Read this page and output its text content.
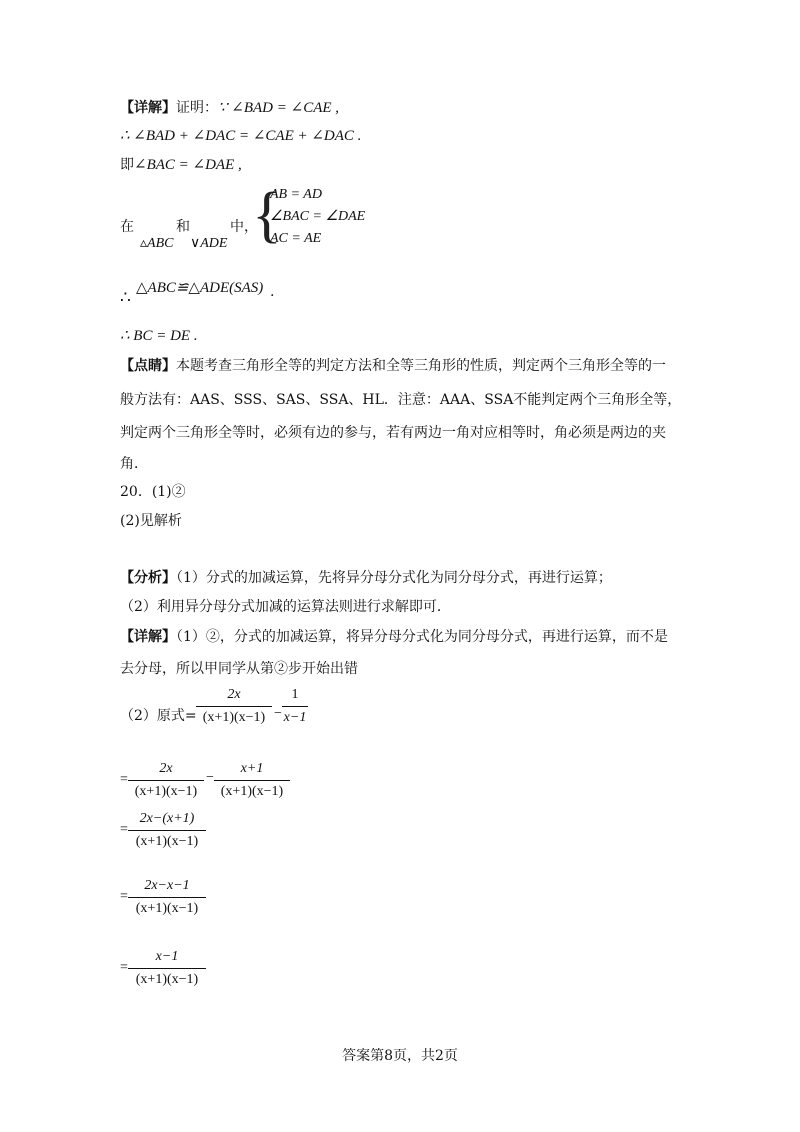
【详解】证明：∵ ∠BAD = ∠CAE ,
∴ ∠BAD + ∠DAC = ∠CAE + ∠DAC .
即∠BAC = ∠DAE ,
在	和	中，
▵ABC ∨ADE {
AB = AD
∠BAC = ∠DAE
AC = AE
∴ △ABC≌△ADE(SAS) .
∴ BC = DE .
【点睛】本题考查三角形全等的判定方法和全等三角形的性质，判定两个三角形全等的一
般方法有：AAS、SSS、SAS、SSA、HL．注意：AAA、SSA不能判定两个三角形全等，
判定两个三角形全等时，必须有边的参与，若有两边一角对应相等时，角必须是两边的夹
角．
20．(1)②
(2)见解析
【分析】（1）分式的加减运算，先将异分母分式化为同分母分式，再进行运算；
（2）利用异分母分式加减的运算法则进行求解即可．
【详解】（1）②，分式的加减运算，将异分母分式化为同分母分式，再进行运算，而不是
去分母，所以甲同学从第②步开始出错
（2）原式=
2x
(x+1)(x−1) −
1
x−1
=
2x
(x+1)(x−1)
−
x+1
(x+1)(x−1)
=
2x−(x+1)
(x+1)(x−1)
=
2x−x−1
(x+1)(x−1)
=
x−1
(x+1)(x−1)
答案第8页，共2页
